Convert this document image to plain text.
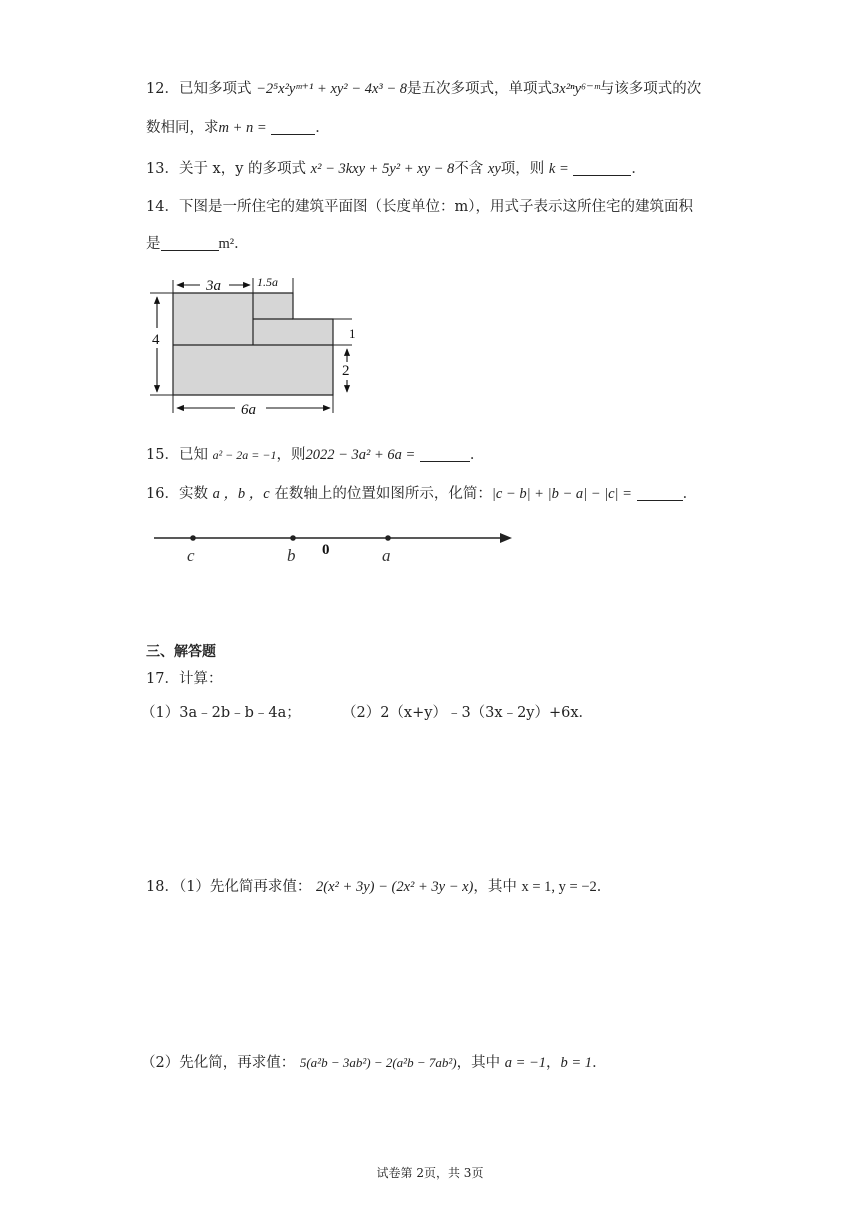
12．已知多项式 −2⁵x²yᵐ⁺¹ + xy² − 4x³ − 8是五次多项式，单项式3x²ⁿy⁶⁻ᵐ与该多项式的次
数相同，求m + n =	．
13．关于 x，y 的多项式 x² − 3kxy + 5y² + xy − 8不含 xy项，则 k =	．
14．下图是一所住宅的建筑平面图（长度单位：m），用式子表示这所住宅的建筑面积
是	m²．
3a	1.5a
4	1
2
6a
15．已知 a² − 2a = −1，则2022 − 3a² + 6a =	．
16．实数 a ，b ，c 在数轴上的位置如图所示，化简：|c − b| + |b − a| − |c| =	．
c	b 0	a
三、解答题
17．计算：
（1）3a﹣2b﹣b﹣4a；	（2）2（x+y）﹣3（3x﹣2y）+6x．
18．（1）先化简再求值： 2(x² + 3y) − (2x² + 3y − x)，其中 x = 1, y = −2．
（2）先化简，再求值： 5(a²b − 3ab²) − 2(a²b − 7ab²)，其中 a = −1，b = 1．
试卷第 2页，共 3页
